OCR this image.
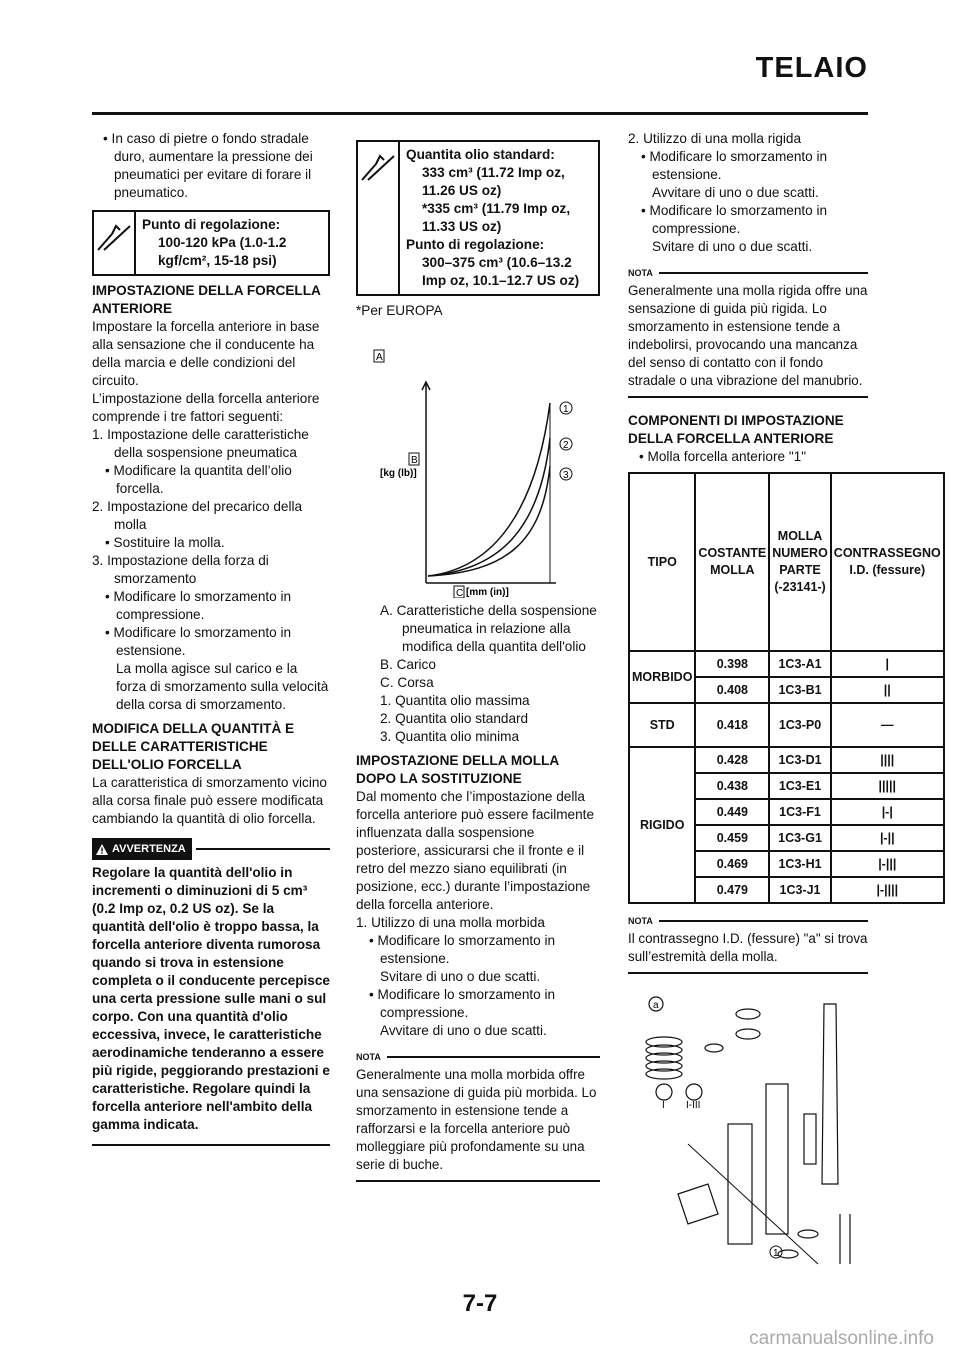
TELAIO

• In caso di pietre o fondo stradale duro, aumentare la pressione dei pneumatici per evitare di forare il pneumatico.

Punto di regolazione:
100-120 kPa (1.0-1.2 kgf/cm², 15-18 psi)

IMPOSTAZIONE DELLA FORCELLA ANTERIORE

Impostare la forcella anteriore in base alla sensazione che il conducente ha della marcia e delle condizioni del circuito.

L’impostazione della forcella anteriore comprende i tre fattori seguenti:

1. Impostazione delle caratteristiche della sospensione pneumatica

• Modificare la quantita dell’olio forcella.

2. Impostazione del precarico della molla

• Sostituire la molla.

3. Impostazione della forza di smorzamento

• Modificare lo smorzamento in compressione.

• Modificare lo smorzamento in estensione.

La molla agisce sul carico e la forza di smorzamento sulla velocità della corsa di smorzamento.

MODIFICA DELLA QUANTITÀ E DELLE CARATTERISTICHE DELL'OLIO FORCELLA

La caratteristica di smorzamento vicino alla corsa finale può essere modificata cambiando la quantità di olio forcella.

AVVERTENZA

Regolare la quantità dell'olio in incrementi o diminuzioni di 5 cm³ (0.2 Imp oz, 0.2 US oz). Se la quantità dell'olio è troppo bassa, la forcella anteriore diventa rumorosa quando si trova in estensione completa o il conducente percepisce una certa pressione sulle mani o sul corpo. Con una quantità d'olio eccessiva, invece, le caratteristiche aerodinamiche tenderanno a essere più rigide, peggiorando prestazioni e caratteristiche. Regolare quindi la forcella anteriore nell'ambito della gamma indicata.

Quantita olio standard:
333 cm³ (11.72 Imp oz, 11.26 US oz)
*335 cm³ (11.79 Imp oz, 11.33 US oz)
Punto di regolazione:
300–375 cm³ (10.6–13.2 Imp oz, 10.1–12.7 US oz)

*Per EUROPA

A
1
2
3
B
[kg (lb)]
C [mm (in)]

A. Caratteristiche della sospensione pneumatica in relazione alla modifica della quantita dell'olio

B. Carico

C. Corsa

1. Quantita olio massima

2. Quantita olio standard

3. Quantita olio minima

IMPOSTAZIONE DELLA MOLLA DOPO LA SOSTITUZIONE

Dal momento che l’impostazione della forcella anteriore può essere facilmente influenzata dalla sospensione posteriore, assicurarsi che il fronte e il retro del mezzo siano equilibrati (in posizione, ecc.) durante l’impostazione della forcella anteriore.

1. Utilizzo di una molla morbida

• Modificare lo smorzamento in estensione.

Svitare di uno o due scatti.

• Modificare lo smorzamento in compressione.

Avvitare di uno o due scatti.

NOTA

Generalmente una molla morbida offre una sensazione di guida più morbida. Lo smorzamento in estensione tende a rafforzarsi e la forcella anteriore può molleggiare più profondamente su una serie di buche.

2. Utilizzo di una molla rigida

• Modificare lo smorzamento in estensione.

Avvitare di uno o due scatti.

• Modificare lo smorzamento in compressione.

Svitare di uno o due scatti.

NOTA

Generalmente una molla rigida offre una sensazione di guida più rigida. Lo smorzamento in estensione tende a indebolirsi, provocando una mancanza del senso di contatto con il fondo stradale o una vibrazione del manubrio.

COMPONENTI DI IMPOSTAZIONE DELLA FORCELLA ANTERIORE

• Molla forcella anteriore "1"

TIPO	COSTANTE MOLLA	MOLLA NUMERO PARTE (-23141-)	CONTRASSEGNO I.D. (fessure)
MORBIDO	0.398	1C3-A1	|
	0.408	1C3-B1	||
STD	0.418	1C3-P0	—
RIGIDO	0.428	1C3-D1	||||
	0.438	1C3-E1	|||||
	0.449	1C3-F1	|-|
	0.459	1C3-G1	|-||
	0.469	1C3-H1	|-|||
	0.479	1C3-J1	|-||||
NOTA

Il contrassegno I.D. (fessure) "a" si trova sull’estremità della molla.

a
I I-III
1
7-7
carmanualsonline.info
